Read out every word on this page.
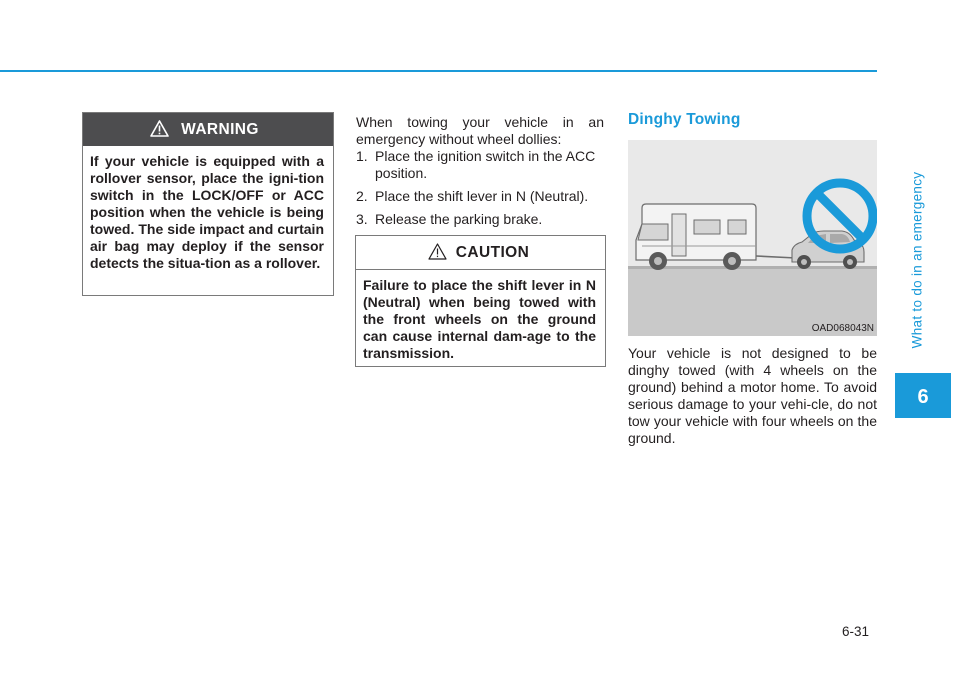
What to do in an emergency
6
WARNING
If your vehicle is equipped with a rollover sensor, place the igni-tion switch in the LOCK/OFF or ACC position when the vehicle is being towed. The side impact and curtain air bag may deploy if the sensor detects the situa-tion as a rollover.
When towing your vehicle in an emergency without wheel dollies:
1. Place the ignition switch in the ACC position.
2. Place the shift lever in N (Neutral).
3. Release the parking brake.
CAUTION
Failure to place the shift lever in N (Neutral) when being towed with the front wheels on the ground can cause internal dam-age to the transmission.
Dinghy Towing
OAD068043N
Your vehicle is not designed to be dinghy towed (with 4 wheels on the ground) behind a motor home. To avoid serious damage to your vehi-cle, do not tow your vehicle with four wheels on the ground.
6-31
